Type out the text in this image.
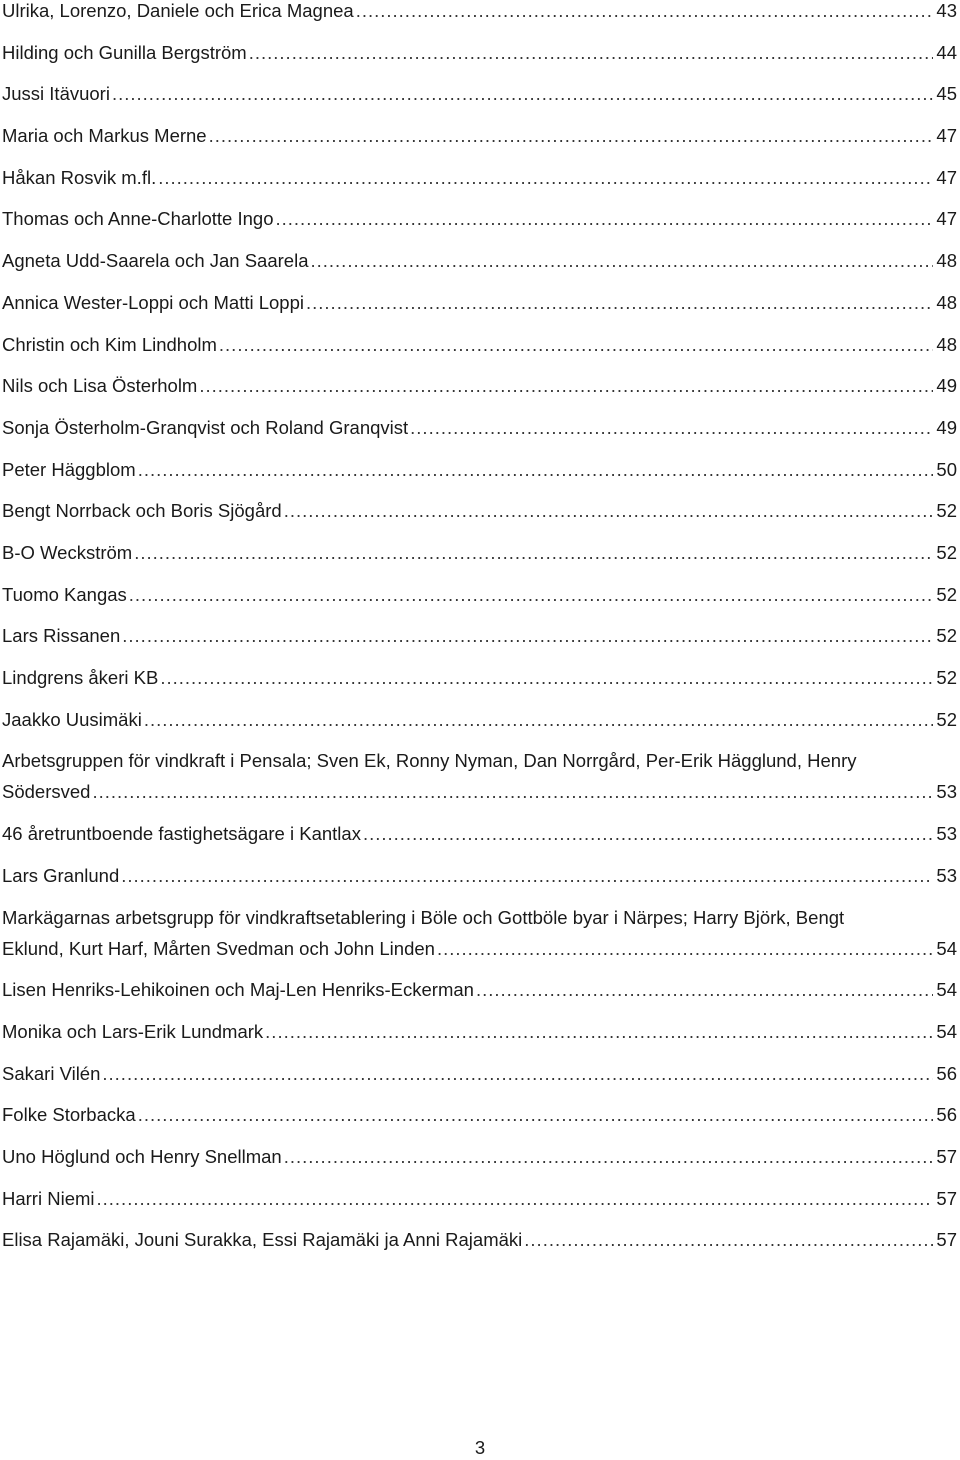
Ulrika, Lorenzo, Daniele och Erica Magnea .....	43
Hilding och Gunilla Bergström .....	44
Jussi Itävuori .....	45
Maria och Markus Merne .....	47
Håkan Rosvik m.fl. .....	47
Thomas och Anne-Charlotte Ingo .....	47
Agneta Udd-Saarela och Jan Saarela .....	48
Annica Wester-Loppi och Matti Loppi .....	48
Christin och Kim Lindholm .....	48
Nils och Lisa Österholm .....	49
Sonja Österholm-Granqvist och Roland Granqvist .....	49
Peter Häggblom .....	50
Bengt Norrback och Boris Sjögård .....	52
B-O Weckström .....	52
Tuomo Kangas .....	52
Lars Rissanen .....	52
Lindgrens åkeri KB .....	52
Jaakko Uusimäki .....	52
Arbetsgruppen för vindkraft i Pensala; Sven Ek, Ronny Nyman, Dan Norrgård, Per-Erik Hägglund, Henry
Södersved .....	53
46 åretruntboende fastighetsägare i Kantlax .....	53
Lars Granlund .....	53
Markägarnas arbetsgrupp för vindkraftsetablering i Böle och Gottböle byar i Närpes; Harry Björk, Bengt
Eklund, Kurt Harf, Mårten Svedman och John Linden .....	54
Lisen Henriks-Lehikoinen och Maj-Len Henriks-Eckerman .....	54
Monika och Lars-Erik Lundmark .....	54
Sakari Vilén .....	56
Folke Storbacka .....	56
Uno Höglund och Henry Snellman .....	57
Harri Niemi .....	57
Elisa Rajamäki, Jouni Surakka, Essi Rajamäki ja Anni Rajamäki .....	57
3
